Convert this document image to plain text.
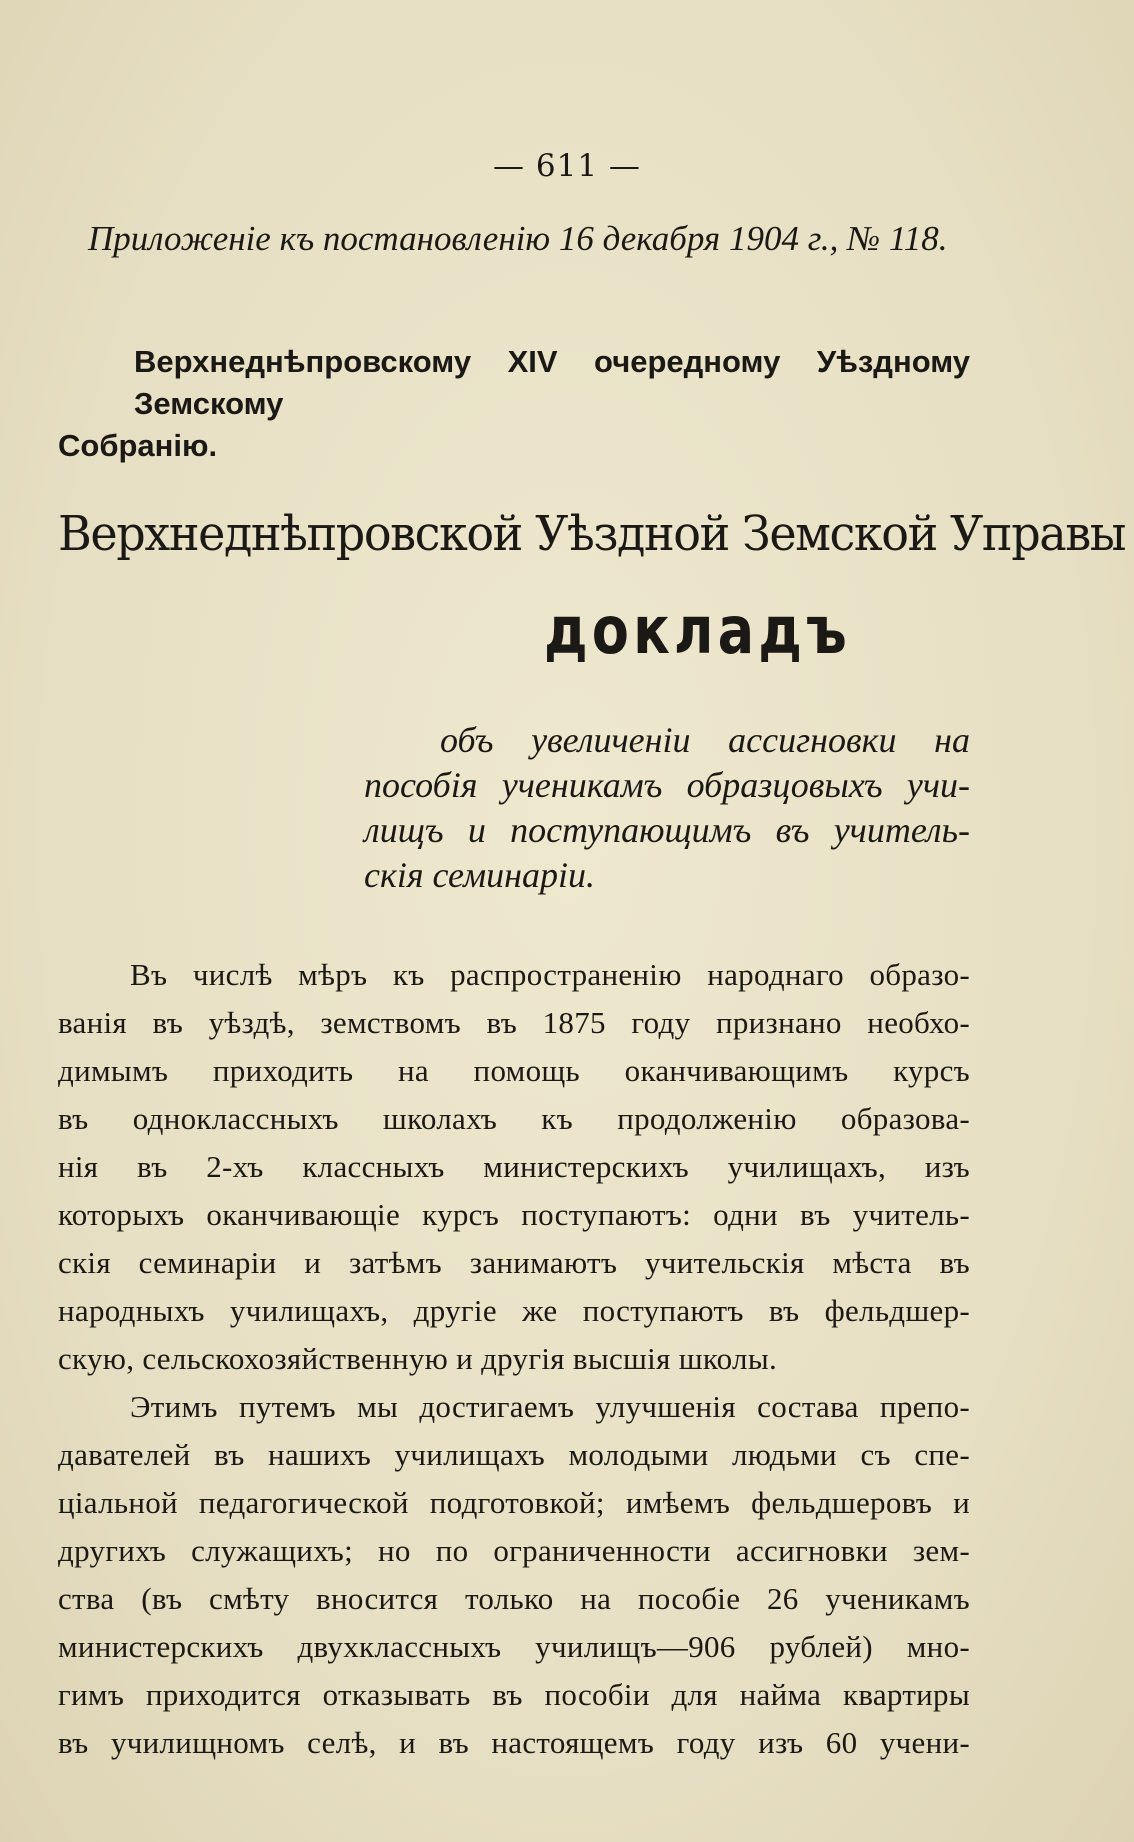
— 611 —
Приложеніе къ постановленію 16 декабря 1904 г., № 118.
Верхнеднѣпровскому XIV очередному Уѣздному Земскому
Собранію.
Верхнеднѣпровской Уѣздной Земской Управы
докладъ
объ увеличеніи ассигновки на
пособія ученикамъ образцовыхъ учи-
лищъ и поступающимъ въ учитель-
скія семинаріи.
Въ числѣ мѣръ къ распространенію народнаго образо-
ванія въ уѣздѣ, земствомъ въ 1875 году признано необхо-
димымъ приходить на помощь оканчивающимъ курсъ
въ одноклассныхъ школахъ къ продолженію образова-
нія въ 2-хъ классныхъ министерскихъ училищахъ, изъ
которыхъ оканчивающіе курсъ поступаютъ: одни въ учитель-
скія семинаріи и затѣмъ занимаютъ учительскія мѣста въ
народныхъ училищахъ, другіе же поступаютъ въ фельдшер-
скую, сельскохозяйственную и другія высшія школы.
Этимъ путемъ мы достигаемъ улучшенія состава препо-
давателей въ нашихъ училищахъ молодыми людьми съ спе-
ціальной педагогической подготовкой; имѣемъ фельдшеровъ и
другихъ служащихъ; но по ограниченности ассигновки зем-
ства (въ смѣту вносится только на пособіе 26 ученикамъ
министерскихъ двухклассныхъ училищъ—906 рублей) мно-
гимъ приходится отказывать въ пособіи для найма квартиры
въ училищномъ селѣ, и въ настоящемъ году изъ 60 учени-
